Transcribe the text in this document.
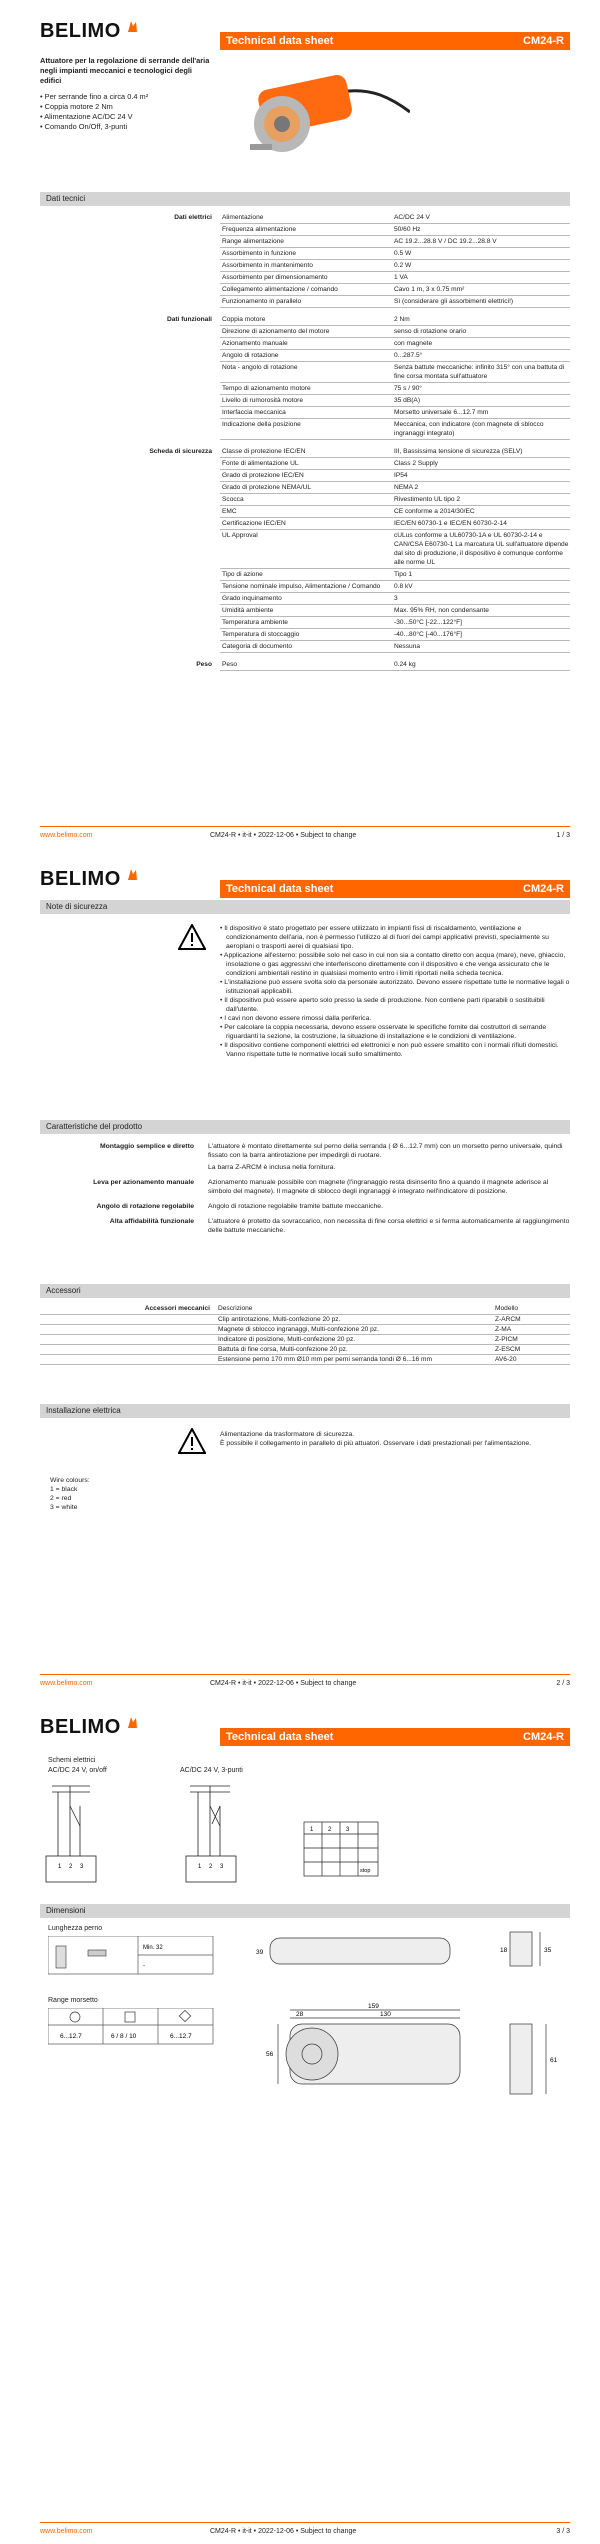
BELIMO	Technical data sheet	CM24-R
Attuatore per la regolazione di serrande dell'aria negli impianti meccanici e tecnologici degli edifici
• Per serrande fino a circa 0.4 m²
• Coppia motore 2 Nm
• Alimentazione AC/DC 24 V
• Comando On/Off, 3-punti
Dati tecnici
Dati elettrici	Alimentazione	AC/DC 24 V
Frequenza alimentazione	50/60 Hz
Range alimentazione	AC 19.2...28.8 V / DC 19.2...28.8 V
Assorbimento in funzione	0.5 W
Assorbimento in mantenimento	0.2 W
Assorbimento per dimensionamento	1 VA
Collegamento alimentazione / comando	Cavo 1 m, 3 x 0.75 mm²
Funzionamento in parallelo	Sì (considerare gli assorbimenti elettrici!)
Dati funzionali	Coppia motore	2 Nm
Direzione di azionamento del motore	senso di rotazione orario
Azionamento manuale	con magnete
Angolo di rotazione	0...287.5°
Nota - angolo di rotazione	Senza battute meccaniche: infinito 315° con una battuta di fine corsa montata sull'attuatore
Tempo di azionamento motore	75 s / 90°
Livello di rumorosità motore	35 dB(A)
Interfaccia meccanica	Morsetto universale 6...12.7 mm
Indicazione della posizione	Meccanica, con indicatore (con magnete di sblocco ingranaggi integrato)
Scheda di sicurezza	Classe di protezione IEC/EN	III, Bassissima tensione di sicurezza (SELV)
Fonte di alimentazione UL	Class 2 Supply
Grado di protezione IEC/EN	IP54
Grado di protezione NEMA/UL	NEMA 2
Scocca	Rivestimento UL tipo 2
EMC	CE conforme a 2014/30/EC
Certificazione IEC/EN	IEC/EN 60730-1 e IEC/EN 60730-2-14
UL Approval	cULus conforme a UL60730-1A e UL 60730-2-14 e CAN/CSA E60730-1 La marcatura UL sull'attuatore dipende dal sito di produzione, il dispositivo è comunque conforme alle norme UL
Tipo di azione	Tipo 1
Tensione nominale impulso, Alimentazione / Comando	0.8 kV
Grado inquinamento	3
Umidità ambiente	Max. 95% RH, non condensante
Temperatura ambiente	-30...50°C [-22...122°F]
Temperatura di stoccaggio	-40...80°C [-40...176°F]
Categoria di documento	Nessuna
Peso	Peso	0.24 kg
www.belimo.com	CM24-R • it-it • 2022-12-06 • Subject to change	1 / 3
BELIMO	Technical data sheet	CM24-R
Note di sicurezza
• Il dispositivo è stato progettato per essere utilizzato in impianti fissi di riscaldamento, ventilazione e condizionamento dell'aria, non è permesso l'utilizzo al di fuori dei campi applicativi previsti, specialmente su aeroplani o trasporti aerei di qualsiasi tipo.
• Applicazione all'esterno: possibile solo nel caso in cui non sia a contatto diretto con acqua (mare), neve, ghiaccio, insolazione o gas aggressivi che interferiscono direttamente con il dispositivo e che venga assicurato che le condizioni ambientali restino in qualsiasi momento entro i limiti riportati nella scheda tecnica.
• L'installazione può essere svolta solo da personale autorizzato. Devono essere rispettate tutte le normative legali o istituzionali applicabili.
• Il dispositivo può essere aperto solo presso la sede di produzione. Non contiene parti riparabili o sostituibili dall'utente.
• I cavi non devono essere rimossi dalla periferica.
• Per calcolare la coppia necessaria, devono essere osservate le specifiche fornite dai costruttori di serrande riguardanti la sezione, la costruzione, la situazione di installazione e le condizioni di ventilazione.
• Il dispositivo contiene componenti elettrici ed elettronici e non può essere smaltito con i normali rifiuti domestici. Vanno rispettate tutte le normative locali sullo smaltimento.
Caratteristiche del prodotto
Montaggio semplice e diretto	L'attuatore è montato direttamente sul perno della serranda ( Ø 6...12.7 mm) con un morsetto perno universale, quindi fissato con la barra antirotazione per impedirgli di ruotare.
La barra Z-ARCM è inclusa nella fornitura.
Leva per azionamento manuale	Azionamento manuale possibile con magnete (l'ingranaggio resta disinserito fino a quando il magnete aderisce al simbolo del magnete). Il magnete di sblocco degli ingranaggi è integrato nell'indicatore di posizione.
Angolo di rotazione regolabile	Angolo di rotazione regolabile tramite battute meccaniche.
Alta affidabilità funzionale	L'attuatore è protetto da sovraccarico, non necessita di fine corsa elettrici e si ferma automaticamente al raggiungimento delle battute meccaniche.
Accessori
Accessori meccanici	Descrizione	Modello
Clip antirotazione, Multi-confezione 20 pz.	Z-ARCM
Magnete di sblocco ingranaggi, Multi-confezione 20 pz.	Z-MA
Indicatore di posizione, Multi-confezione 20 pz.	Z-PICM
Battuta di fine corsa, Multi-confezione 20 pz.	Z-ESCM
Estensione perno 170 mm Ø10 mm per perni serranda tondi Ø 6...16 mm	AV6-20
Installazione elettrica
Alimentazione da trasformatore di sicurezza.
È possibile il collegamento in parallelo di più attuatori. Osservare i dati prestazionali per l'alimentazione.
Wire colours:
1 = black
2 = red
3 = white
www.belimo.com	CM24-R • it-it • 2022-12-06 • Subject to change	2 / 3
BELIMO	Technical data sheet	CM24-R
Schemi elettrici
AC/DC 24 V, on/off	AC/DC 24 V, 3-punti
1 2 3	1 2 3
1 2 3
stop
Dimensioni
Lunghezza perno
Min. 32
-
Range morsetto
6...12.7	6 / 8 / 10	6...12.7
159
28	130
56
61
18	35
39
www.belimo.com	CM24-R • it-it • 2022-12-06 • Subject to change	3 / 3
